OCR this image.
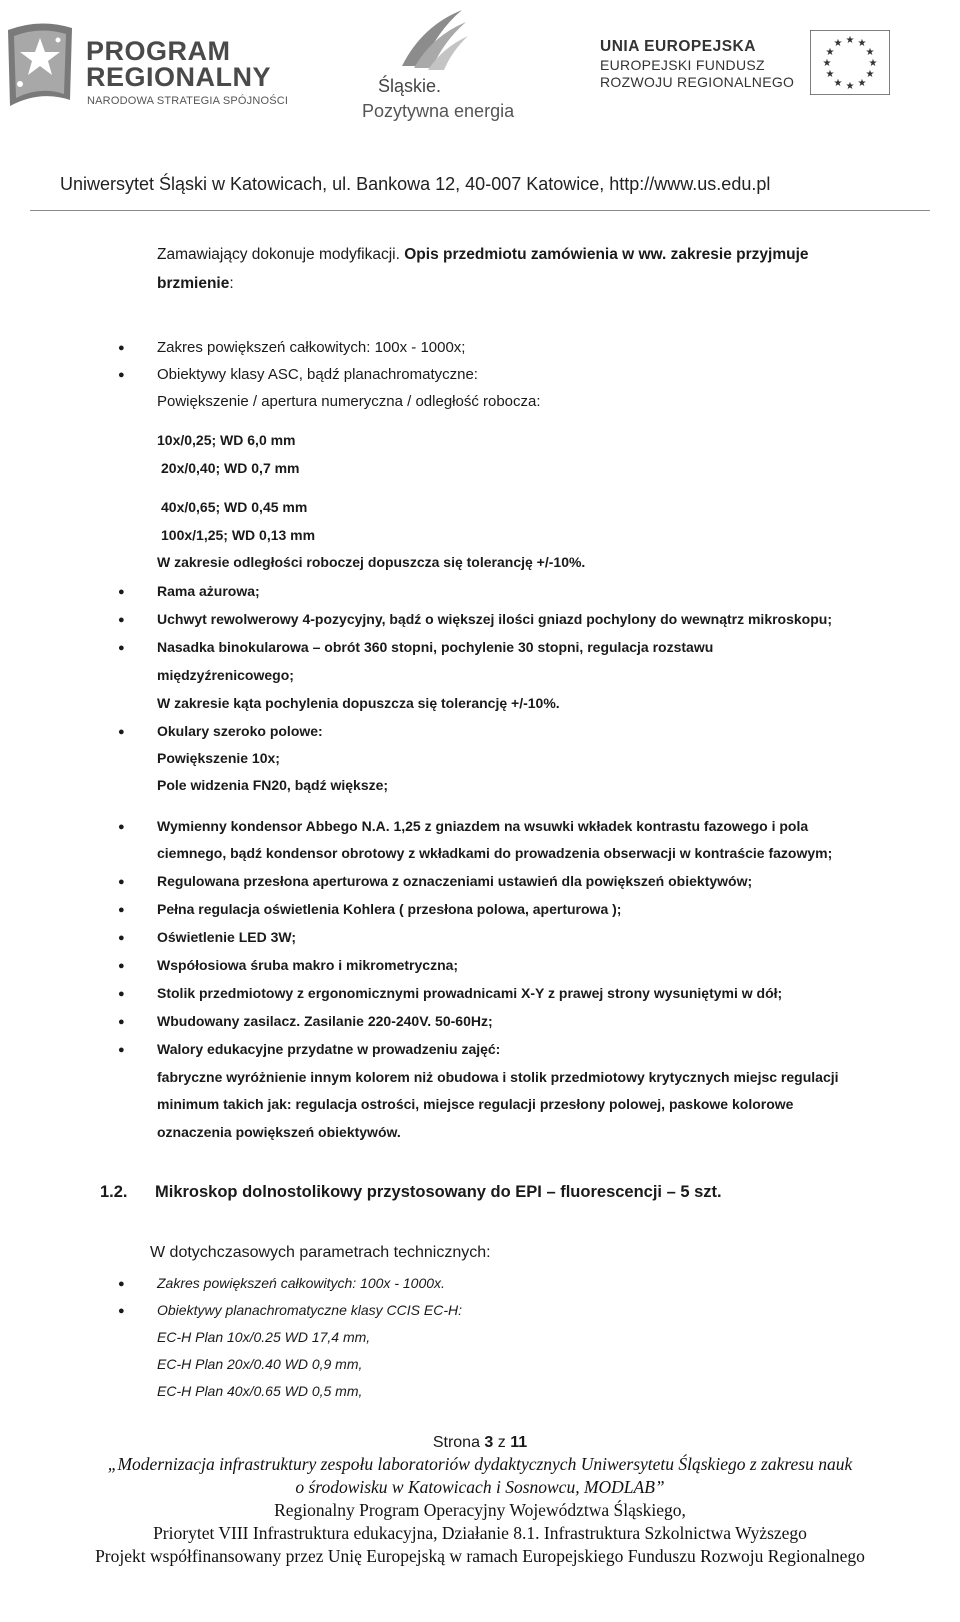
PROGRAM
REGIONALNY
NARODOWA STRATEGIA SPÓJNOŚCI
Śląskie.
Pozytywna energia
UNIA EUROPEJSKA
EUROPEJSKI FUNDUSZ
ROZWOJU REGIONALNEGO
★ ★
★
★
★
★
★
★
★
★
★
★
Uniwersytet Śląski w Katowicach, ul. Bankowa 12, 40-007 Katowice, http://www.us.edu.pl
Zamawiający dokonuje modyfikacji. Opis przedmiotu zamówienia w ww. zakresie przyjmuje
brzmienie:
● Zakres powiększeń całkowitych: 100x - 1000x;
● Obiektywy klasy ASC, bądź planachromatyczne:
Powiększenie / apertura numeryczna / odległość robocza:
10x/0,25; WD 6,0 mm
20x/0,40; WD 0,7 mm
40x/0,65; WD 0,45 mm
100x/1,25; WD 0,13 mm
W zakresie odległości roboczej dopuszcza się tolerancję +/-10%.
● Rama ażurowa;
● Uchwyt rewolwerowy 4-pozycyjny, bądź o większej ilości gniazd pochylony do wewnątrz mikroskopu;
● Nasadka binokularowa – obrót 360 stopni, pochylenie 30 stopni, regulacja rozstawu
międzyźrenicowego;
W zakresie kąta pochylenia dopuszcza się tolerancję +/-10%.
● Okulary szeroko polowe:
Powiększenie 10x;
Pole widzenia FN20, bądź większe;
● Wymienny kondensor Abbego N.A. 1,25 z gniazdem na wsuwki wkładek kontrastu fazowego i pola
ciemnego, bądź kondensor obrotowy z wkładkami do prowadzenia obserwacji w kontraście fazowym;
● Regulowana przesłona aperturowa z oznaczeniami ustawień dla powiększeń obiektywów;
● Pełna regulacja oświetlenia Kohlera ( przesłona polowa, aperturowa );
● Oświetlenie LED 3W;
● Współosiowa śruba makro i mikrometryczna;
● Stolik przedmiotowy z ergonomicznymi prowadnicami X-Y z prawej strony wysuniętymi w dół;
● Wbudowany zasilacz. Zasilanie 220-240V. 50-60Hz;
● Walory edukacyjne przydatne w prowadzeniu zajęć:
fabryczne wyróżnienie innym kolorem niż obudowa i stolik przedmiotowy krytycznych miejsc regulacji
minimum takich jak: regulacja ostrości, miejsce regulacji przesłony polowej, paskowe kolorowe
oznaczenia powiększeń obiektywów.
1.2. Mikroskop dolnostolikowy przystosowany do EPI – fluorescencji – 5 szt.
W dotychczasowych parametrach technicznych:
● Zakres powiększeń całkowitych: 100x - 1000x.
● Obiektywy planachromatyczne klasy CCIS EC-H:
EC-H Plan 10x/0.25 WD 17,4 mm,
EC-H Plan 20x/0.40 WD 0,9 mm,
EC-H Plan 40x/0.65 WD 0,5 mm,
Strona 3 z 11
„Modernizacja infrastruktury zespołu laboratoriów dydaktycznych Uniwersytetu Śląskiego z zakresu nauk
o środowisku w Katowicach i Sosnowcu, MODLAB”
Regionalny Program Operacyjny Województwa Śląskiego,
Priorytet VIII Infrastruktura edukacyjna, Działanie 8.1. Infrastruktura Szkolnictwa Wyższego
Projekt współfinansowany przez Unię Europejską w ramach Europejskiego Funduszu Rozwoju Regionalnego
